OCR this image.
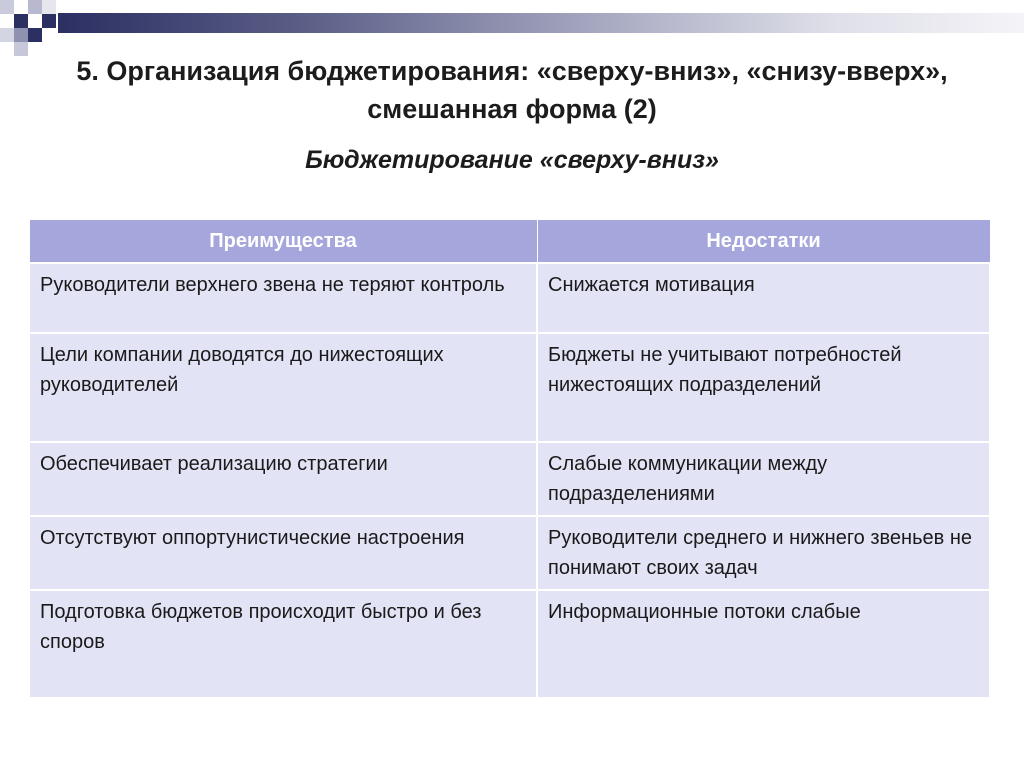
5. Организация бюджетирования: «сверху-вниз», «снизу-вверх», смешанная форма (2)
Бюджетирование «сверху-вниз»
Преимущества	Недостатки
Руководители верхнего звена не теряют контроль	Снижается мотивация
Цели компании доводятся до нижестоящих руководителей	Бюджеты не учитывают потребностей нижестоящих подразделений
Обеспечивает реализацию стратегии	Слабые коммуникации между подразделениями
Отсутствуют оппортунистические настроения	Руководители среднего и нижнего звеньев не понимают своих задач
Подготовка бюджетов происходит быстро и без споров	Информационные потоки слабые
